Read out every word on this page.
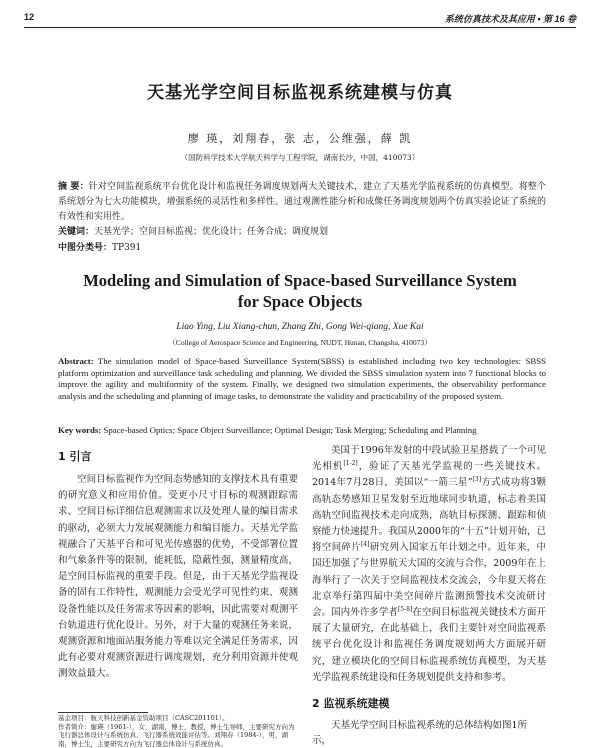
12	系统仿真技术及其应用 • 第 16 卷
天基光学空间目标监视系统建模与仿真
廖 瑛，刘翔春，张 志，公维强，薛 凯
（国防科学技术大学航天科学与工程学院，湖南长沙，中国，410073）
摘 要：针对空间监视系统平台优化设计和监视任务调度规划两大关键技术，建立了天基光学监视系统的仿真模型。将整个系统划分为七大功能模块，增强系统的灵活性和多样性。通过观测性能分析和成像任务调度规划两个仿真实验论证了系统的有效性和实用性。
关键词：天基光学；空间目标监视；优化设计；任务合成；调度规划
中图分类号：TP391
Modeling and Simulation of Space-based Surveillance System
for Space Objects
Liao Ying, Liu Xiang-chun, Zhang Zhi, Gong Wei-qiang, Xue Kai
（College of Aerospace Science and Engineering, NUDT, Hunan, Changsha, 410073）
Abstract: The simulation model of Space-based Surveillance System(SBSS) is established including two key technologies: SBSS platform optimization and surveillance task scheduling and planning. We divided the SBSS simulation system into 7 functional blocks to improve the agility and multiformity of the system. Finally, we designed two simulation experiments, the observability performance analysis and the scheduling and planning of image tasks, to demonstrate the validity and practicability of the proposed system.
Key words: Space-based Optics; Space Object Surveillance; Optimal Design; Task Merging; Scheduling and Planning
1 引言
空间目标监视作为空间态势感知的支撑技术具有重要的研究意义和应用价值。受更小尺寸目标的观测跟踪需求、空间目标详细信息观测需求以及处理人量的编目需求的驱动，必须大力发展观测能力和编目能力。天基光学监视融合了天基平台和可见光传感器的优势，不受部署位置和气象条件等的限制，能耗低，隐蔽性强，测量精度高，是空间目标监视的重要手段。但是，由于天基光学监视设备的固有工作特性，观测能力会受光学可见性约束、观测设备性能以及任务需求等因素的影响，因此需要对观测平台轨道进行优化设计。另外，对于大量的观测任务来说，观测资源和地面站服务能力等难以完全满足任务需求，因此有必要对观测资源进行调度规划，充分利用资源并使观测效益最大。
美国于1996年发射的中段试验卫星搭载了一个可见光相机[1-2]，验证了天基光学监视的一些关键技术。2014年7月28日，美国以“一箭三星”[3]方式成功将3颗高轨态势感知卫星发射至近地球同步轨道，标志着美国高轨空间监视技术走向成熟，高轨目标探测、跟踪和侦察能力快速提升。我国从2000年的“十五”计划开始，已将空间碎片[4]研究列入国家五年计划之中。近年来，中国还加强了与世界航天大国的交流与合作，2009年在上海举行了一次关于空间监视技术交流会，今年夏天将在北京举行第四届中美空间碎片监测预警技术交流研讨会。国内外许多学者[5-8]在空间目标监视关键技术方面开展了大量研究，在此基础上，我们主要针对空间监视系统平台优化设计和监视任务调度规划两大方面展开研究，建立模块化的空间目标监视系统仿真模型，为天基光学监视系统建设和任务规划提供支持和参考。
2 监视系统建模
天基光学空间目标监视系统的总体结构如图1所示，
基金项目：航天科技创新基金资助项目（CASC201101）。
作者简介：廖瑛（1961-），女，湖南，博士，教授，博士生导师，主要研究方向为飞行器总体设计与系统仿真、飞行器系统效能评估等。刘翔春（1984-），男，湖南，博士生，主要研究方向为飞行器总体设计与系统仿真。
